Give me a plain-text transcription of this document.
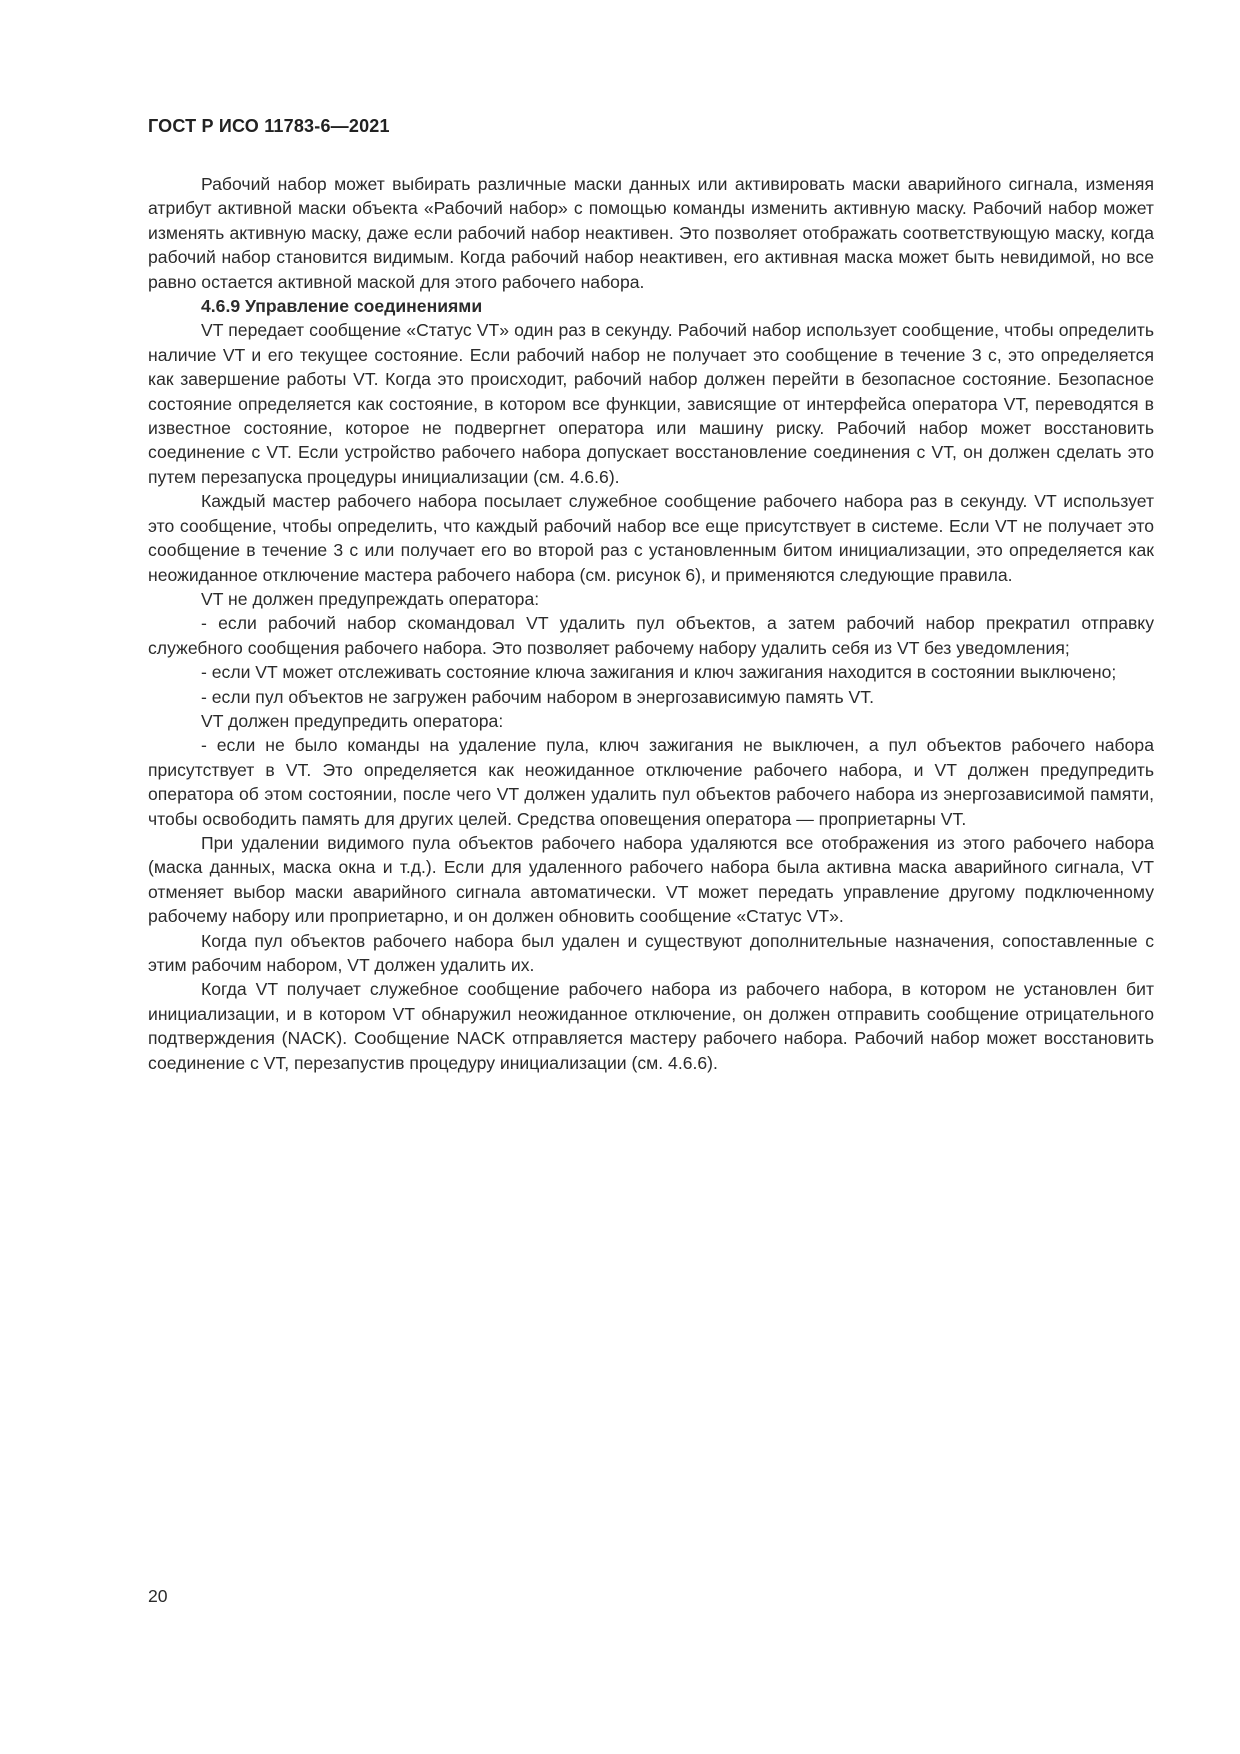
ГОСТ Р ИСО 11783-6—2021

Рабочий набор может выбирать различные маски данных или активировать маски аварийного сигнала, изменяя атрибут активной маски объекта «Рабочий набор» с помощью команды изменить активную маску. Рабочий набор может изменять активную маску, даже если рабочий набор неактивен. Это позволяет отображать соответствующую маску, когда рабочий набор становится видимым. Когда рабочий набор неактивен, его активная маска может быть невидимой, но все равно остается активной маской для этого рабочего набора.

4.6.9 Управление соединениями

VT передает сообщение «Статус VT» один раз в секунду. Рабочий набор использует сообщение, чтобы определить наличие VT и его текущее состояние. Если рабочий набор не получает это сообщение в течение 3 с, это определяется как завершение работы VT. Когда это происходит, рабочий набор должен перейти в безопасное состояние. Безопасное состояние определяется как состояние, в котором все функции, зависящие от интерфейса оператора VT, переводятся в известное состояние, которое не подвергнет оператора или машину риску. Рабочий набор может восстановить соединение с VT. Если устройство рабочего набора допускает восстановление соединения с VT, он должен сделать это путем перезапуска процедуры инициализации (см. 4.6.6).

Каждый мастер рабочего набора посылает служебное сообщение рабочего набора раз в секунду. VT использует это сообщение, чтобы определить, что каждый рабочий набор все еще присутствует в системе. Если VT не получает это сообщение в течение 3 с или получает его во второй раз с установленным битом инициализации, это определяется как неожиданное отключение мастера рабочего набора (см. рисунок 6), и применяются следующие правила.

VT не должен предупреждать оператора:

- если рабочий набор скомандовал VT удалить пул объектов, а затем рабочий набор прекратил отправку служебного сообщения рабочего набора. Это позволяет рабочему набору удалить себя из VT без уведомления;

- если VT может отслеживать состояние ключа зажигания и ключ зажигания находится в состоянии выключено;

- если пул объектов не загружен рабочим набором в энергозависимую память VT.

VT должен предупредить оператора:

- если не было команды на удаление пула, ключ зажигания не выключен, а пул объектов рабочего набора присутствует в VT. Это определяется как неожиданное отключение рабочего набора, и VT должен предупредить оператора об этом состоянии, после чего VT должен удалить пул объектов рабочего набора из энергозависимой памяти, чтобы освободить память для других целей. Средства оповещения оператора — проприетарны VT.

При удалении видимого пула объектов рабочего набора удаляются все отображения из этого рабочего набора (маска данных, маска окна и т.д.). Если для удаленного рабочего набора была активна маска аварийного сигнала, VT отменяет выбор маски аварийного сигнала автоматически. VT может передать управление другому подключенному рабочему набору или проприетарно, и он должен обновить сообщение «Статус VT».

Когда пул объектов рабочего набора был удален и существуют дополнительные назначения, сопоставленные с этим рабочим набором, VT должен удалить их.

Когда VT получает служебное сообщение рабочего набора из рабочего набора, в котором не установлен бит инициализации, и в котором VT обнаружил неожиданное отключение, он должен отправить сообщение отрицательного подтверждения (NACK). Сообщение NACK отправляется мастеру рабочего набора. Рабочий набор может восстановить соединение с VT, перезапустив процедуру инициализации (см. 4.6.6).

20
